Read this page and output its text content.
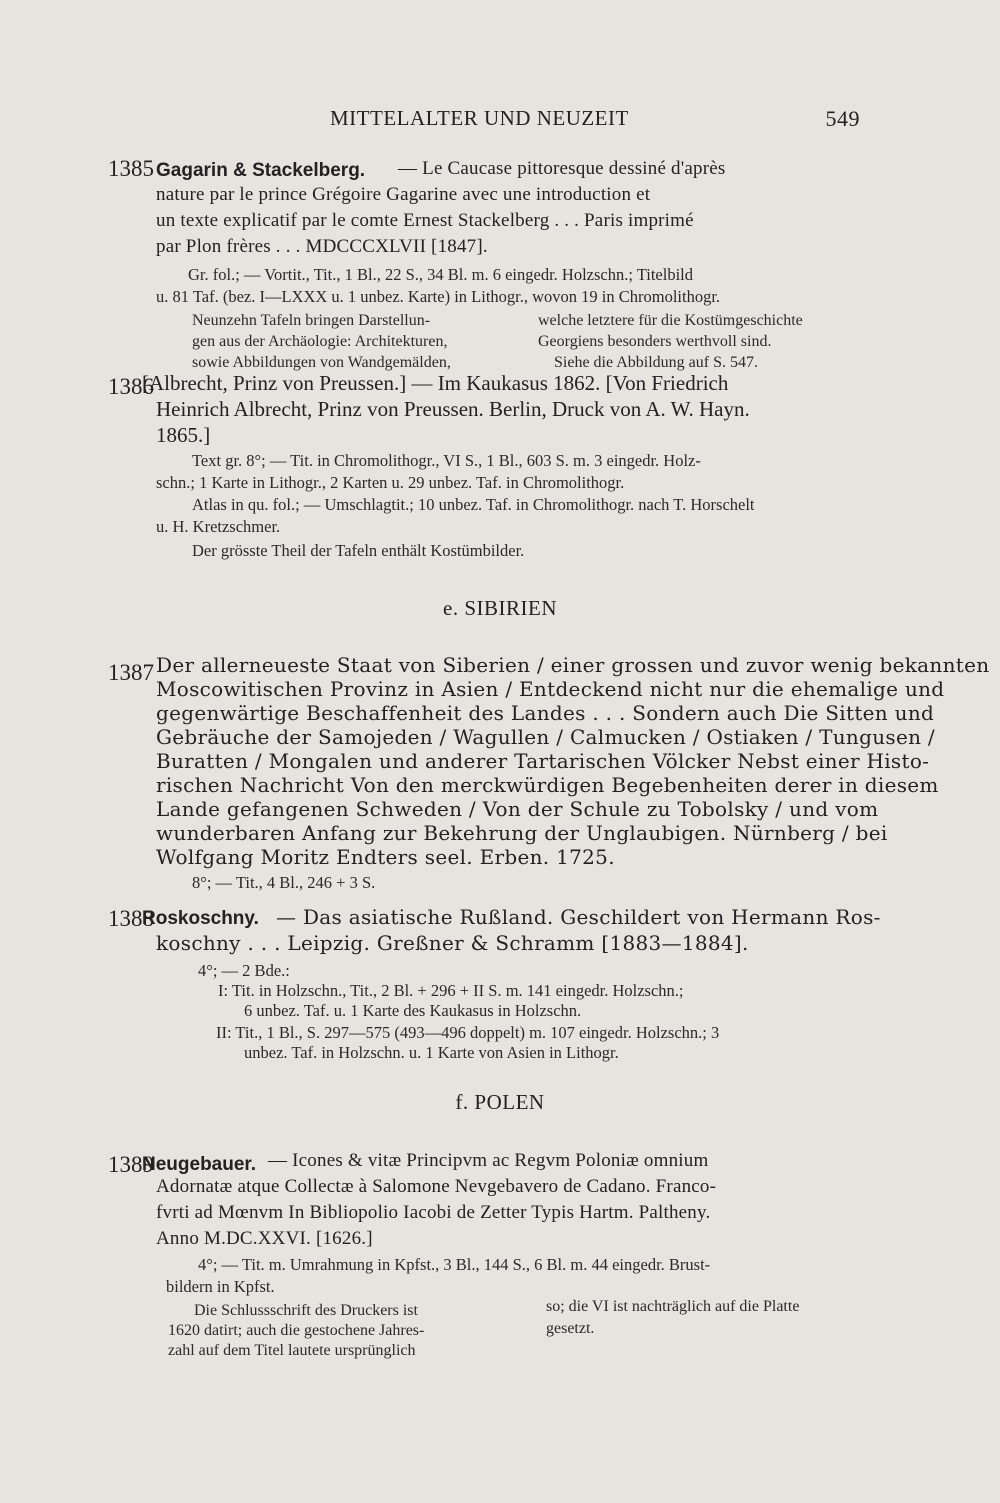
MITTELALTER UND NEUZEIT	549
1385 Gagarin & Stackelberg. — Le Caucase pittoresque dessiné d'après
nature par le prince Grégoire Gagarine avec une introduction et
un texte explicatif par le comte Ernest Stackelberg . . . Paris imprimé
par Plon frères . . . MDCCCXLVII [1847].
Gr. fol.; — Vortit., Tit., 1 Bl., 22 S., 34 Bl. m. 6 eingedr. Holzschn.; Titelbild
u. 81 Taf. (bez. I—LXXX u. 1 unbez. Karte) in Lithogr., wovon 19 in Chromolithogr.
Neunzehn Tafeln bringen Darstellun-
gen aus der Archäologie: Architekturen,
sowie Abbildungen von Wandgemälden,
welche letztere für die Kostümgeschichte
Georgiens besonders werthvoll sind.
Siehe die Abbildung auf S. 547.
1386
[Albrecht, Prinz von Preussen.] — Im Kaukasus 1862. [Von Friedrich
Heinrich Albrecht, Prinz von Preussen. Berlin, Druck von A. W. Hayn.
1865.]
Text gr. 8°; — Tit. in Chromolithogr., VI S., 1 Bl., 603 S. m. 3 eingedr. Holz-
schn.; 1 Karte in Lithogr., 2 Karten u. 29 unbez. Taf. in Chromolithogr.
Atlas in qu. fol.; — Umschlagtit.; 10 unbez. Taf. in Chromolithogr. nach T. Horschelt
u. H. Kretzschmer.
Der grösste Theil der Tafeln enthält Kostümbilder.
e. SIBIRIEN
1387 Der allerneueste Staat von Siberien / einer grossen und zuvor wenig bekannten
Moscowitischen Provinz in Asien / Entdeckend nicht nur die ehemalige und
gegenwärtige Beschaffenheit des Landes . . . Sondern auch Die Sitten und
Gebräuche der Samojeden / Wagullen / Calmucken / Ostiaken / Tungusen /
Buratten / Mongalen und anderer Tartarischen Völcker Nebst einer Histo-
rischen Nachricht Von den merckwürdigen Begebenheiten derer in diesem
Lande gefangenen Schweden / Von der Schule zu Tobolsky / und vom
wunderbaren Anfang zur Bekehrung der Unglaubigen. Nürnberg / bei
Wolfgang Moritz Endters seel. Erben. 1725.
8°; — Tit., 4 Bl., 246 + 3 S.
1388
Roskoschny. — Das asiatische Rußland. Geschildert von Hermann Ros-
koschny . . . Leipzig. Greßner & Schramm [1883—1884].
4°; — 2 Bde.:
I: Tit. in Holzschn., Tit., 2 Bl. + 296 + II S. m. 141 eingedr. Holzschn.;
6 unbez. Taf. u. 1 Karte des Kaukasus in Holzschn.
II: Tit., 1 Bl., S. 297—575 (493—496 doppelt) m. 107 eingedr. Holzschn.; 3
unbez. Taf. in Holzschn. u. 1 Karte von Asien in Lithogr.
f. POLEN
1389
Neugebauer. — Icones & vitæ Principvm ac Regvm Poloniæ omnium
Adornatæ atque Collectæ à Salomone Nevgebavero de Cadano. Franco-
fvrti ad Mœnvm In Bibliopolio Iacobi de Zetter Typis Hartm. Paltheny.
Anno M.DC.XXVI. [1626.]
4°; — Tit. m. Umrahmung in Kpfst., 3 Bl., 144 S., 6 Bl. m. 44 eingedr. Brust-
bildern in Kpfst.
Die Schlussschrift des Druckers ist
1620 datirt; auch die gestochene Jahres-
zahl auf dem Titel lautete ursprünglich
so; die VI ist nachträglich auf die Platte
gesetzt.
